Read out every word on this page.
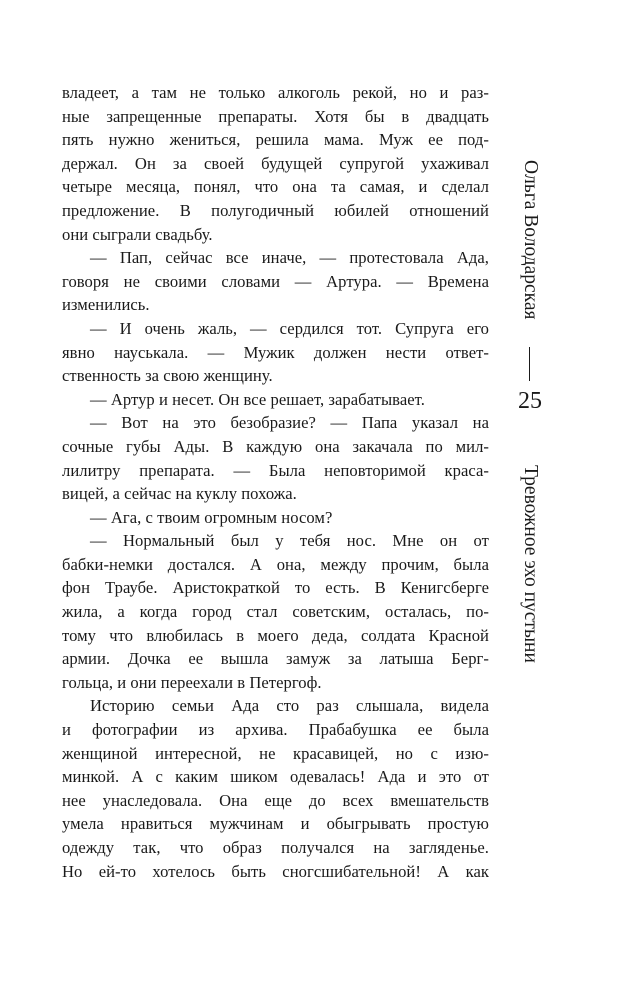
владеет, а там не только алкоголь рекой, но и раз-
ные запрещенные препараты. Хотя бы в двадцать
пять нужно жениться, решила мама. Муж ее под-
держал. Он за своей будущей супругой ухаживал
четыре месяца, понял, что она та самая, и сделал
предложение. В полугодичный юбилей отношений
они сыграли свадьбу.
— Пап, сейчас все иначе, — протестовала Ада,
говоря не своими словами — Артура. — Времена
изменились.
— И очень жаль, — сердился тот. Супруга его
явно науськала. — Мужик должен нести ответ-
ственность за свою женщину.
— Артур и несет. Он все решает, зарабатывает.
— Вот на это безобразие? — Папа указал на
сочные губы Ады. В каждую она закачала по мил-
лилитру препарата. — Была неповторимой краса-
вицей, а сейчас на куклу похожа.
— Ага, с твоим огромным носом?
— Нормальный был у тебя нос. Мне он от
бабки-немки достался. А она, между прочим, была
фон Траубе. Аристократкой то есть. В Кенигсберге
жила, а когда город стал советским, осталась, по-
тому что влюбилась в моего деда, солдата Красной
армии. Дочка ее вышла замуж за латыша Берг-
гольца, и они переехали в Петергоф.
Историю семьи Ада сто раз слышала, видела
и фотографии из архива. Прабабушка ее была
женщиной интересной, не красавицей, но с изю-
минкой. А с каким шиком одевалась! Ада и это от
нее унаследовала. Она еще до всех вмешательств
умела нравиться мужчинам и обыгрывать простую
одежду так, что образ получался на загляденье.
Но ей-то хотелось быть сногсшибательной! А как
Ольга Володарская
25
Тревожное эхо пустыни
